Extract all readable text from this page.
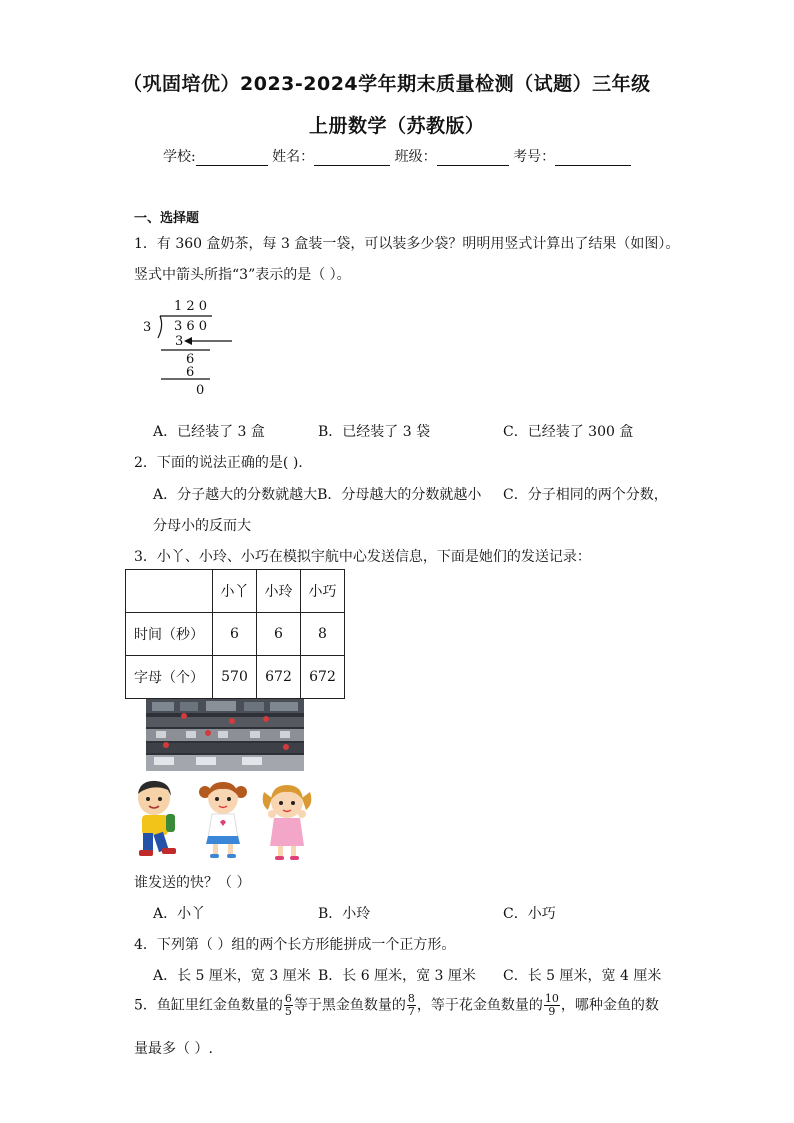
（巩固培优）2023-2024学年期末质量检测（试题）三年级
上册数学（苏教版）
学校:	姓名：	班级：	考号：
一、选择题
1．有 360 盒奶茶，每 3 盒装一袋，可以装多少袋？明明用竖式计算出了结果（如图）。
竖式中箭头所指“3”表示的是（ ）。
1 2 0
3 3 6 0
3
6
6
0
A．已经装了 3 盒	B．已经装了 3 袋	C．已经装了 300 盒
2．下面的说法正确的是( ).
A．分子越大的分数就越大B．分母越大的分数就越小 C．分子相同的两个分数，
分母小的反而大
3．小丫、小玲、小巧在模拟宇航中心发送信息，下面是她们的发送记录：
	小丫	小玲	小巧
时间（秒）	6	6	8
字母（个）	570	672	672
谁发送的快？（ ）
A．小丫	B．小玲	C．小巧
4．下列第（ ）组的两个长方形能拼成一个正方形。
A．长 5 厘米，宽 3 厘米 B．长 6 厘米，宽 3 厘米 C．长 5 厘米，宽 4 厘米
5．鱼缸里红金鱼数量的 $\frac{6}{5}$ 等于黑金鱼数量的 $\frac{8}{7}$ ，等于花金鱼数量的 $\frac{10}{9}$ ，哪种金鱼的数
量最多（ ）.
